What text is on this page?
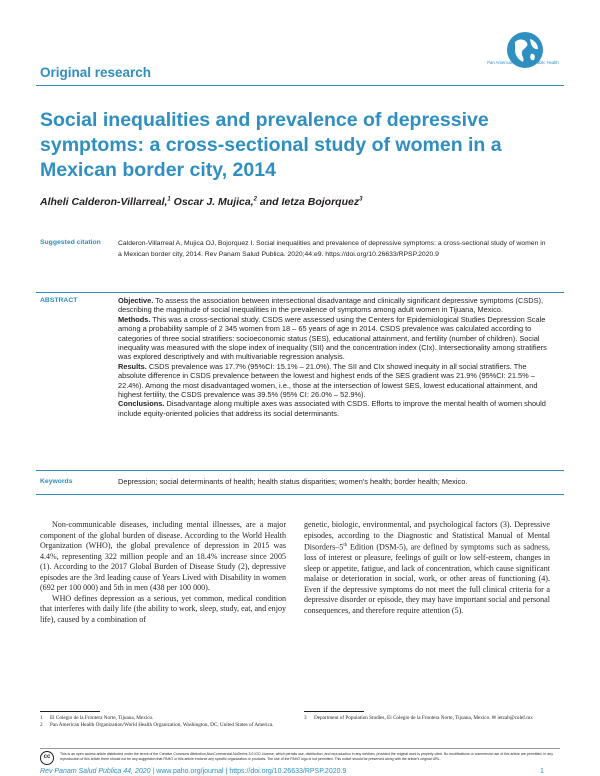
Original research
Pan American Journal of Public Health
Social inequalities and prevalence of depressive symptoms: a cross-sectional study of women in a Mexican border city, 2014
Alheli Calderon-Villarreal,$^1$ Oscar J. Mujica,$^2$ and Ietza Bojorquez$^3$
Suggested citation	Calderon-Villarreal A, Mujica OJ, Bojorquez I. Social inequalities and prevalence of depressive symptoms: a cross-sectional study of women in a Mexican border city, 2014. Rev Panam Salud Publica. 2020;44:e9. https://doi.org/10.26633/RPSP.2020.9
ABSTRACT	Objective. To assess the association between intersectional disadvantage and clinically significant depressive symptoms (CSDS), describing the magnitude of social inequalities in the prevalence of symptoms among adult women in Tijuana, Mexico.

Methods. This was a cross-sectional study. CSDS were assessed using the Centers for Epidemiological Studies Depression Scale among a probability sample of 2 345 women from 18 – 65 years of age in 2014. CSDS prevalence was calculated according to categories of three social stratifiers: socioeconomic status (SES), educational attainment, and fertility (number of children). Social inequality was measured with the slope index of inequality (SII) and the concentration index (CIx). Intersectionality among stratifiers was explored descriptively and with multivariable regression analysis.

Results. CSDS prevalence was 17.7% (95%CI: 15.1% – 21.0%). The SII and CIx showed inequity in all social stratifiers. The absolute difference in CSDS prevalence between the lowest and highest ends of the SES gradient was 21.9% (95%CI: 21.5% – 22.4%). Among the most disadvantaged women, i.e., those at the intersection of lowest SES, lowest educational attainment, and highest fertility, the CSDS prevalence was 39.5% (95% CI: 26.0% – 52.9%).

Conclusions. Disadvantage along multiple axes was associated with CSDS. Efforts to improve the mental health of women should include equity-oriented policies that address its social determinants.

Keywords	Depression; social determinants of health; health status disparities; women's health; border health; Mexico.

Non-communicable diseases, including mental illnesses, are a major component of the global burden of disease. According to the World Health Organization (WHO), the global prevalence of depression in 2015 was 4.4%, representing 322 million people and an 18.4% increase since 2005 (1). According to the 2017 Global Burden of Disease Study (2), depressive episodes are the 3rd leading cause of Years Lived with Disability in women (692 per 100 000) and 5th in men (438 per 100 000).

WHO defines depression as a serious, yet common, medical condition that interferes with daily life (the ability to work, sleep, study, eat, and enjoy life), caused by a combination of

genetic, biologic, environmental, and psychological factors (3). Depressive episodes, according to the Diagnostic and Statistical Manual of Mental Disorders–5th Edition (DSM-5), are defined by symptoms such as sadness, loss of interest or pleasure, feelings of guilt or low self-esteem, changes in sleep or appetite, fatigue, and lack of concentration, which cause significant malaise or deterioration in social, work, or other areas of functioning (4). Even if the depressive symptoms do not meet the full clinical criteria for a depressive disorder or episode, they may have important social and personal consequences, and therefore require attention (5).

1	El Colegio de la Frontera Norte, Tijuana, Mexico.
2	Pan American Health Organization/World Health Organization, Washington, DC, United States of America.
3	Department of Population Studies, El Colegio de la Frontera Norte, Tijuana, Mexico. ✉ ietzab@colef.mx
cc	This is an open access article distributed under the terms of the Creative Commons Attribution-NonCommercial-NoDerivs 3.0 IGO License, which permits use, distribution, and reproduction in any medium, provided the original work is properly cited. No modifications or commercial use of this article are permitted. In any reproduction of this article there should not be any suggestion that PAHO or this article endorse any specific organization or products. The use of the PAHO logo is not permitted. This notice should be preserved along with the article's original URL.
Rev Panam Salud Publica 44, 2020 | www.paho.org/journal | https://doi.org/10.26633/RPSP.2020.9	1
